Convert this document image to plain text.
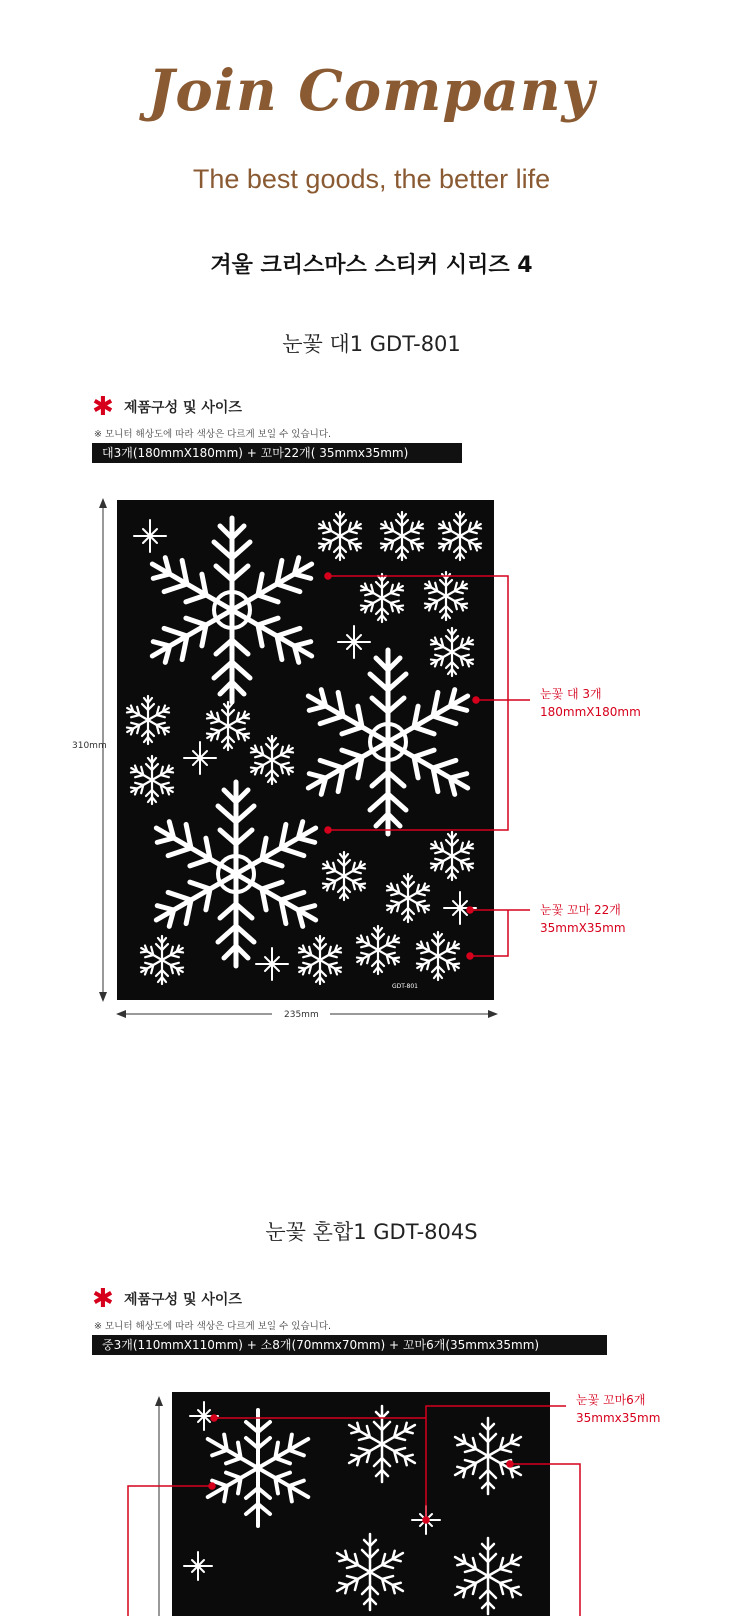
Join Company
The best goods, the better life
겨울 크리스마스 스티커 시리즈 4
눈꽃 대1 GDT-801
✱ 제품구성 및 사이즈
※ 모니터 해상도에 따라 색상은 다르게 보일 수 있습니다.
대3개(180mmX180mm) + 꼬마22개( 35mmx35mm)
310mm
235mm
GDT-801
눈꽃 대 3개
180mmX180mm
눈꽃 꼬마 22개
35mmX35mm
눈꽃 혼합1 GDT-804S
✱ 제품구성 및 사이즈
※ 모니터 해상도에 따라 색상은 다르게 보일 수 있습니다.
중3개(110mmX110mm) + 소8개(70mmx70mm) + 꼬마6개(35mmx35mm)
눈꽃 꼬마6개
35mmx35mm
